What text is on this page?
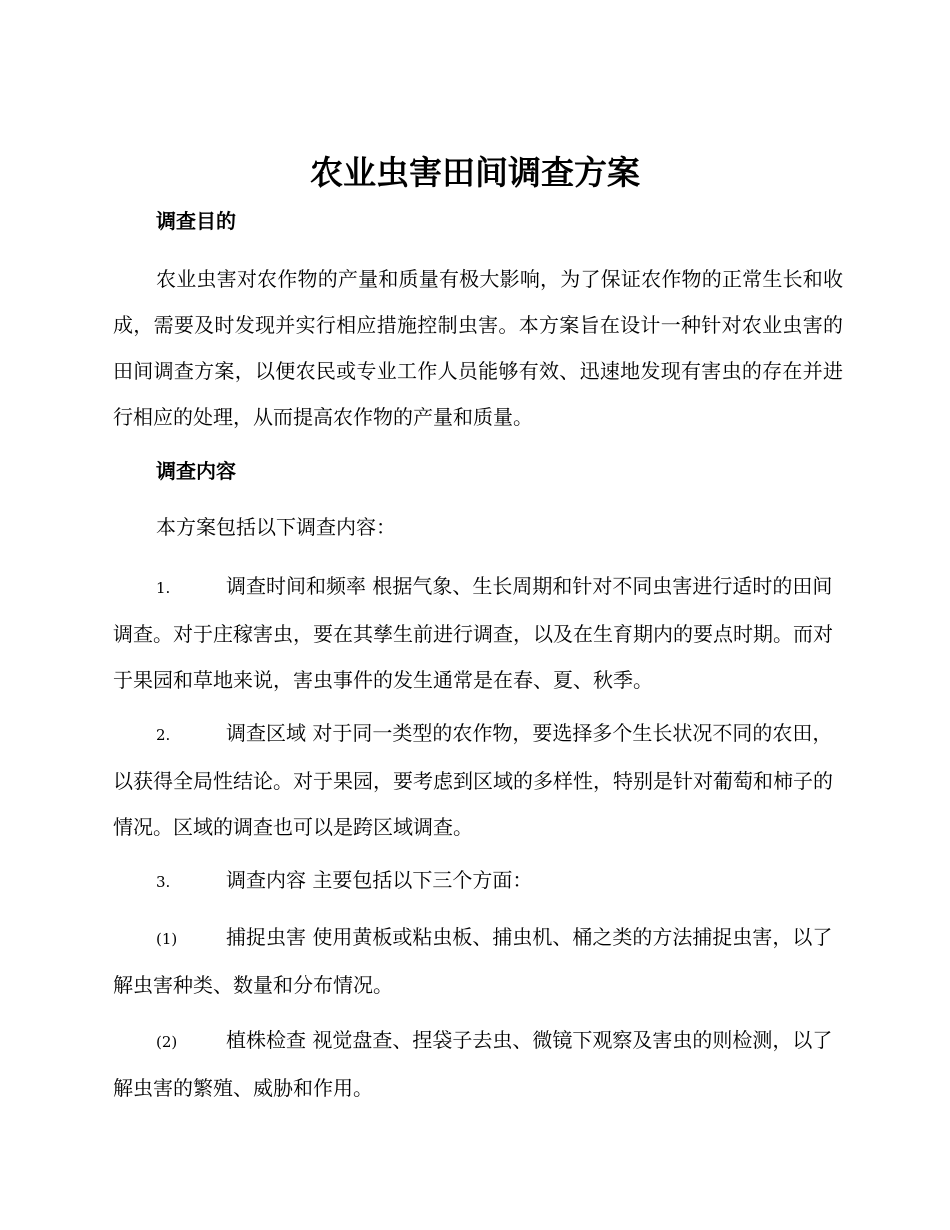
农业虫害田间调查方案
调查目的
农业虫害对农作物的产量和质量有极大影响，为了保证农作物的正常生长和收成，需要及时发现并实行相应措施控制虫害。本方案旨在设计一种针对农业虫害的田间调查方案，以便农民或专业工作人员能够有效、迅速地发现有害虫的存在并进行相应的处理，从而提高农作物的产量和质量。
调查内容
本方案包括以下调查内容：
1.	调查时间和频率 根据气象、生长周期和针对不同虫害进行适时的田间调查。对于庄稼害虫，要在其孳生前进行调查，以及在生育期内的要点时期。而对于果园和草地来说，害虫事件的发生通常是在春、夏、秋季。
2.	调查区域 对于同一类型的农作物，要选择多个生长状况不同的农田，以获得全局性结论。对于果园，要考虑到区域的多样性，特别是针对葡萄和柿子的情况。区域的调查也可以是跨区域调查。
3.	调查内容 主要包括以下三个方面：
(1) 捕捉虫害 使用黄板或粘虫板、捕虫机、桶之类的方法捕捉虫害，以了解虫害种类、数量和分布情况。
(2) 植株检查 视觉盘查、捏袋子去虫、微镜下观察及害虫的则检测，以了解虫害的繁殖、威胁和作用。
